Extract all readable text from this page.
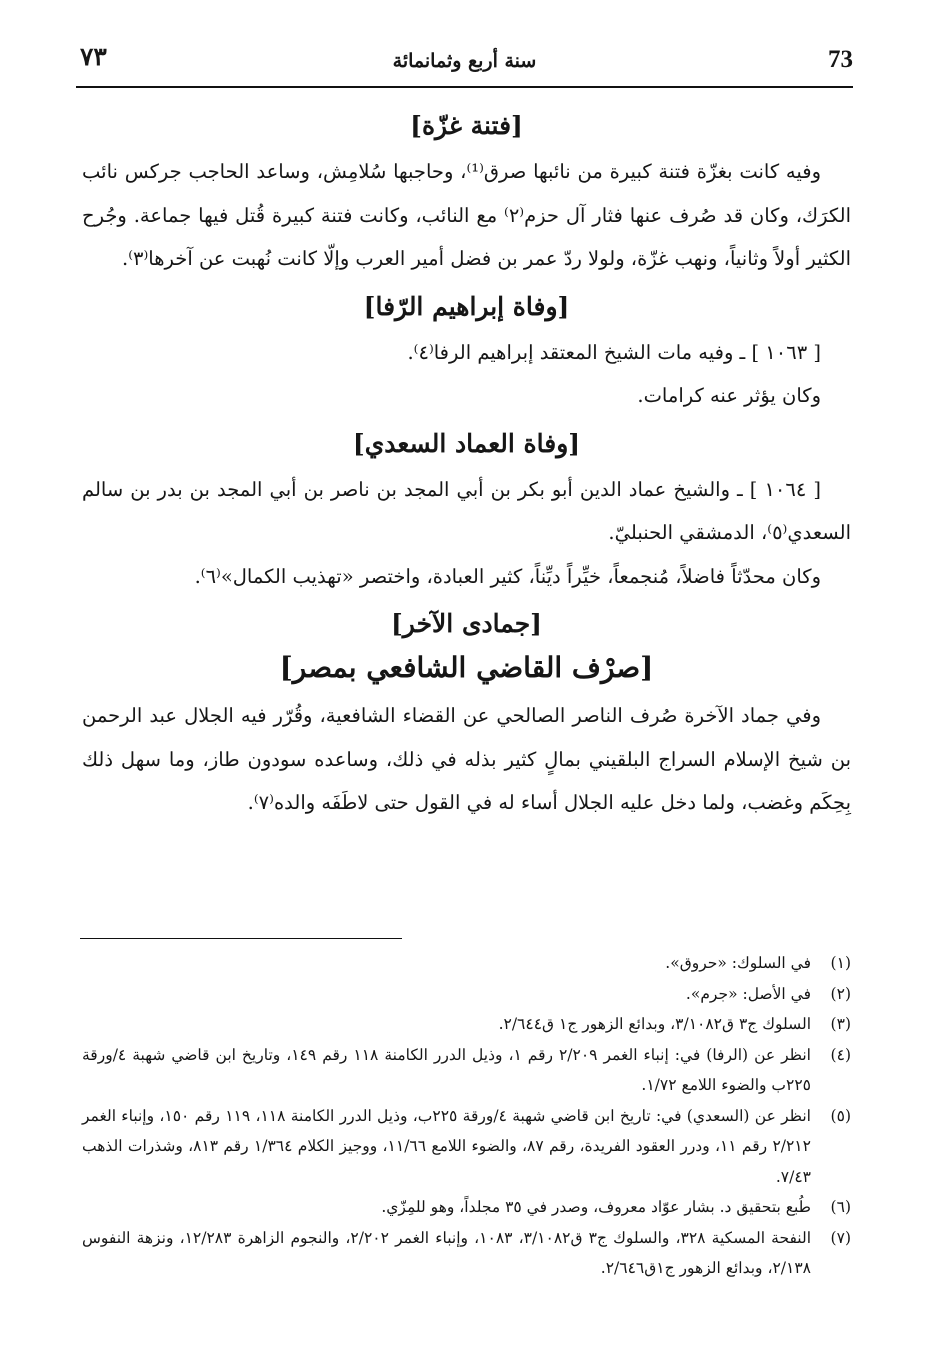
73
سنة أربع وثمانمائة
٧٣
[فتنة غزّة]

وفيه كانت بغزّة فتنة كبيرة من نائبها صرق⁽¹⁾، وحاجبها سُلامِش، وساعد الحاجب جركس نائب الكرَك، وكان قد صُرف عنها فثار آل حزم⁽٢⁾ مع النائب، وكانت فتنة كبيرة قُتل فيها جماعة. وجُرح الكثير أولاً وثانياً، ونهب غزّة، ولولا ردّ عمر بن فضل أمير العرب وإلّا كانت نُهبت عن آخرها⁽٣⁾.

[وفاة إبراهيم الرّفا]

[ ١٠٦٣ ] ـ وفيه مات الشيخ المعتقد إبراهيم الرفا⁽٤⁾.

وكان يؤثر عنه كرامات.

[وفاة العماد السعدي]

[ ١٠٦٤ ] ـ والشيخ عماد الدين أبو بكر بن أبي المجد بن ناصر بن أبي المجد بن بدر بن سالم السعدي⁽٥⁾، الدمشقي الحنبليّ.

وكان محدّثاً فاضلاً، مُنجمعاً، خيِّراً ديِّناً، كثير العبادة، واختصر «تهذيب الكمال»⁽٦⁾.

[جمادى الآخر]
[صرْف القاضي الشافعي بمصر]

وفي جماد الآخرة صُرف الناصر الصالحي عن القضاء الشافعية، وقُرّر فيه الجلال عبد الرحمن بن شيخ الإسلام السراج البلقيني بمالٍ كثير بذله في ذلك، وساعده سودون طاز، وما سهل ذلك بِحِكَم وغضب، ولما دخل عليه الجلال أساء له في القول حتى لاطَفَه والده⁽٧⁾.

(١)
في السلوك: «حروق».
(٢)
في الأصل: «جرم».
(٣)
السلوك ج٣ ق٣/١٠٨٢، وبدائع الزهور ج١ ق٢/٦٤٤.
(٤)
انظر عن (الرفا) في: إنباء الغمر ٢/٢٠٩ رقم ١، وذيل الدرر الكامنة ١١٨ رقم ١٤٩، وتاريخ ابن قاضي شهبة ٤/ورقة ٢٢٥ب والضوء اللامع ١/٧٢.
(٥)
انظر عن (السعدي) في: تاريخ ابن قاضي شهبة ٤/ورقة ٢٢٥ب، وذيل الدرر الكامنة ١١٨، ١١٩ رقم ١٥٠، وإنباء الغمر ٢/٢١٢ رقم ١١، ودرر العقود الفريدة، رقم ٨٧، والضوء اللامع ١١/٦٦، ووجيز الكلام ١/٣٦٤ رقم ٨١٣، وشذرات الذهب ٧/٤٣.
(٦)
طُبع بتحقيق د. بشار عوّاد معروف، وصدر في ٣٥ مجلداً، وهو للمِزّي.
(٧)
النفحة المسكية ٣٢٨، والسلوك ج٣ ق٣/١٠٨٢، ١٠٨٣، وإنباء الغمر ٢/٢٠٢، والنجوم الزاهرة ١٢/٢٨٣، ونزهة النفوس ٢/١٣٨، وبدائع الزهور ج١ق٢/٦٤٦.
